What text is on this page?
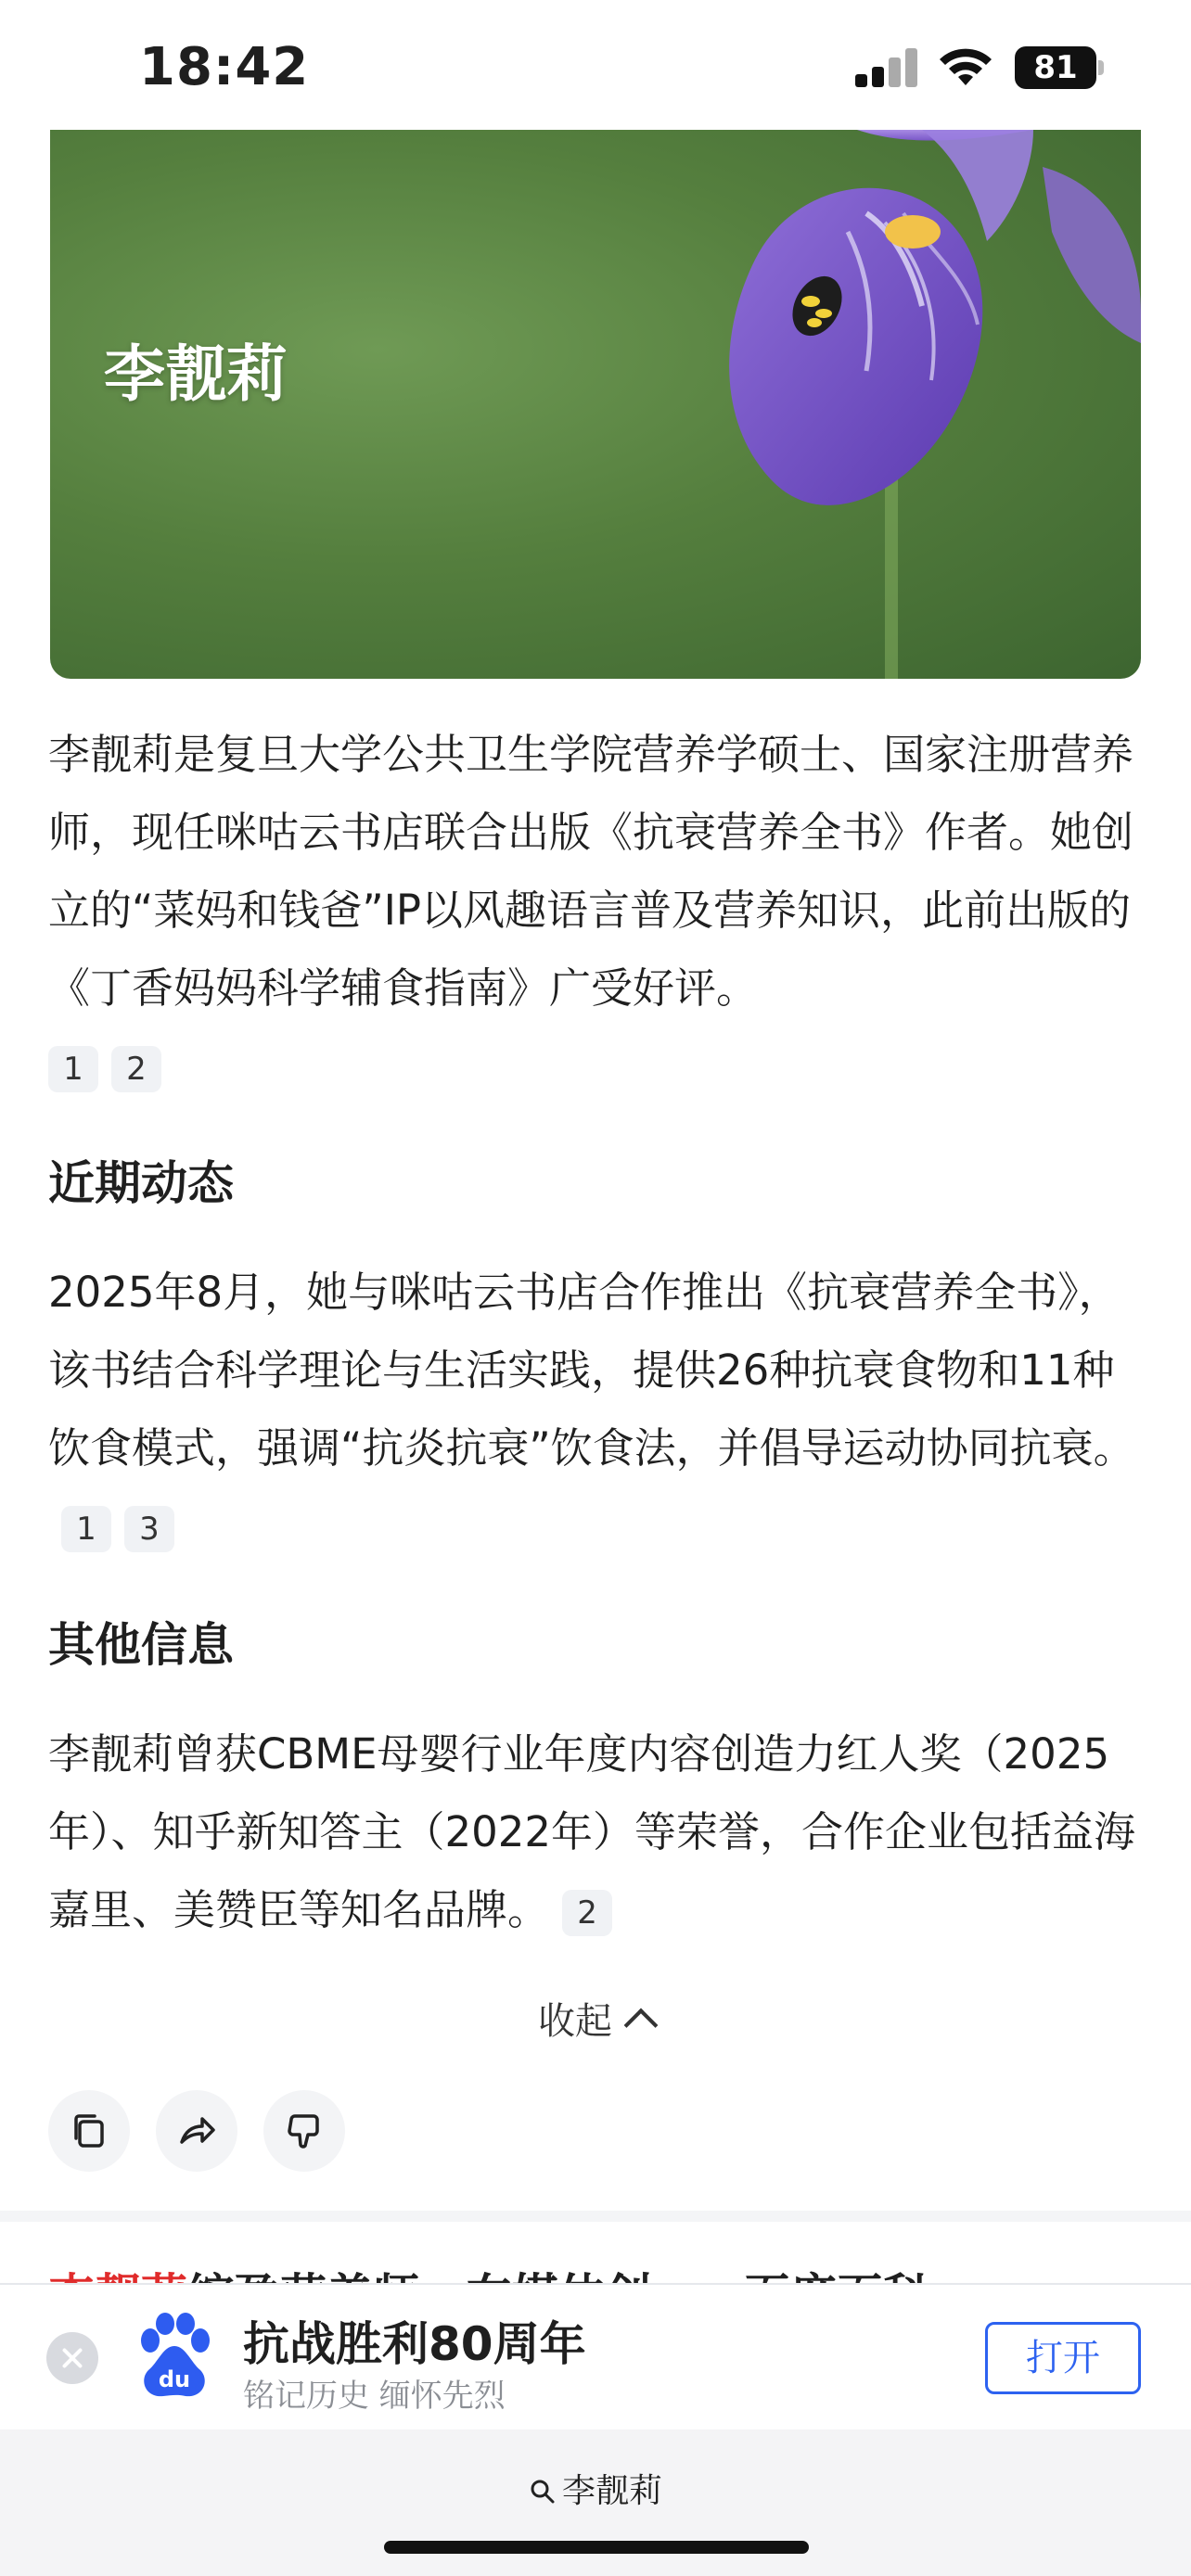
18:42	81
李靓莉
李靓莉是复旦大学公共卫生学院营养学硕士、国家注册营养师，现任咪咕云书店联合出版《抗衰营养全书》作者。她创立的“菜妈和钱爸”IP以风趣语言普及营养知识，此前出版的《丁香妈妈科学辅食指南》广受好评。
1 2
近期动态
2025年8月，她与咪咕云书店合作推出《抗衰营养全书》，该书结合科学理论与生活实践，提供26种抗衰食物和11种饮食模式，强调“抗炎抗衰”饮食法，并倡导运动协同抗衰。1 3
其他信息
李靓莉曾获CBME母婴行业年度内容创造力红人奖（2025年）、知乎新知答主（2022年）等荣誉，合作企业包括益海嘉里、美赞臣等知名品牌。 2
收起
du
抗战胜利80周年
铭记历史 缅怀先烈
打开
李靓莉
